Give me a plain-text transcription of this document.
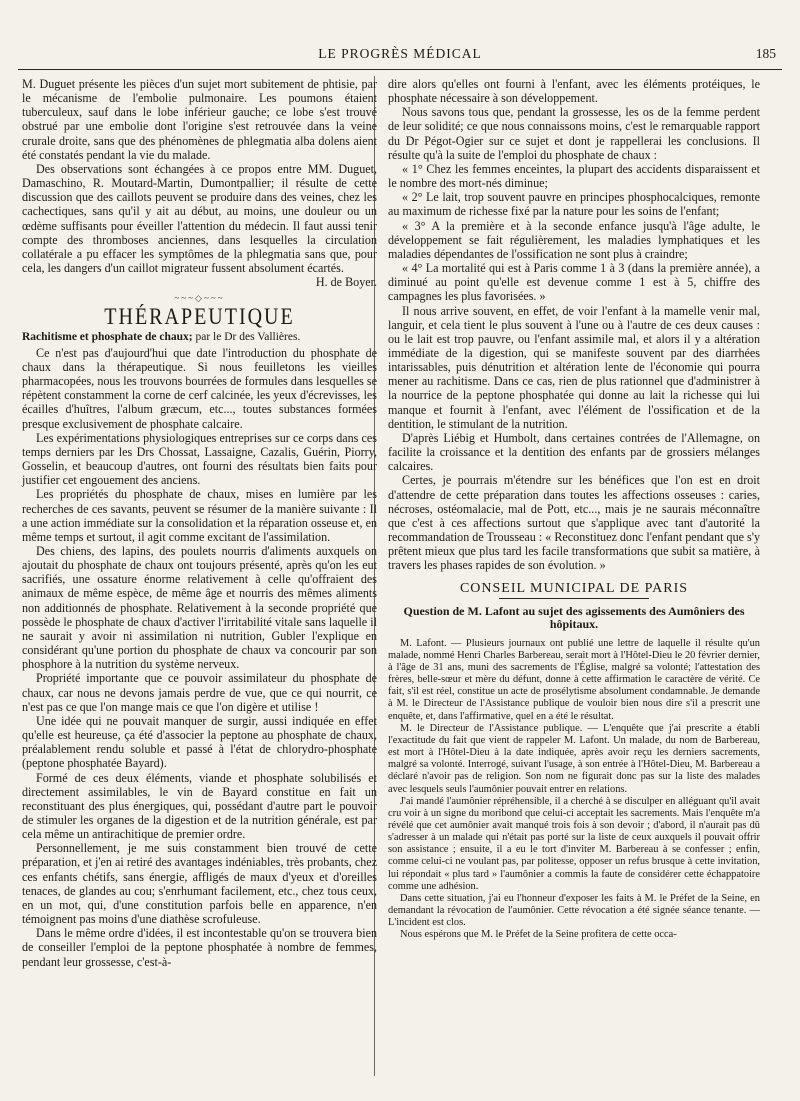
LE PROGRÈS MÉDICAL	185

M. Duguet présente les pièces d'un sujet mort subitement de phtisie, par le mécanisme de l'embolie pulmonaire. Les poumons étaient tuberculeux, sauf dans le lobe inférieur gauche; ce lobe s'est trouvé obstrué par une embolie dont l'origine s'est retrouvée dans la veine crurale droite, sans que des phénomènes de phlegmatia alba dolens aient été constatés pendant la vie du malade.

Des observations sont échangées à ce propos entre MM. Duguet, Damaschino, R. Moutard-Martin, Dumontpallier; il résulte de cette discussion que des caillots peuvent se produire dans des veines, chez les cachectiques, sans qu'il y ait au début, au moins, une douleur ou un œdème suffisants pour éveiller l'attention du médecin. Il faut aussi tenir compte des thromboses anciennes, dans lesquelles la circulation collatérale a pu effacer les symptômes de la phlegmatia sans que, pour cela, les dangers d'un caillot migrateur fussent absolument écartés.

H. de Boyer.

~~~◇~~~
THÉRAPEUTIQUE

Rachitisme et phosphate de chaux; par le Dr des Vallières.

Ce n'est pas d'aujourd'hui que date l'introduction du phosphate de chaux dans la thérapeutique. Si nous feuilletons les vieilles pharmacopées, nous les trouvons bourrées de formules dans lesquelles se répètent constamment la corne de cerf calcinée, les yeux d'écrevisses, les écailles d'huîtres, l'album græcum, etc..., toutes substances formées presque exclusivement de phosphate calcaire.

Les expérimentations physiologiques entreprises sur ce corps dans ces temps derniers par les Drs Chossat, Lassaigne, Cazalis, Guérin, Piorry, Gosselin, et beaucoup d'autres, ont fourni des résultats bien faits pour justifier cet engouement des anciens.

Les propriétés du phosphate de chaux, mises en lumière par les recherches de ces savants, peuvent se résumer de la manière suivante : Il a une action immédiate sur la consolidation et la réparation osseuse et, en même temps et surtout, il agit comme excitant de l'assimilation.

Des chiens, des lapins, des poulets nourris d'aliments auxquels on ajoutait du phosphate de chaux ont toujours présenté, après qu'on les eut sacrifiés, une ossature énorme relativement à celle qu'offraient des animaux de même espèce, de même âge et nourris des mêmes aliments non additionnés de phosphate. Relativement à la seconde propriété que possède le phosphate de chaux d'activer l'irritabilité vitale sans laquelle il ne saurait y avoir ni assimilation ni nutrition, Gubler l'explique en considérant qu'une portion du phosphate de chaux va concourir par son phosphore à la nutrition du système nerveux.

Propriété importante que ce pouvoir assimilateur du phosphate de chaux, car nous ne devons jamais perdre de vue, que ce qui nourrit, ce n'est pas ce que l'on mange mais ce que l'on digère et utilise !

Une idée qui ne pouvait manquer de surgir, aussi indiquée en effet qu'elle est heureuse, ça été d'associer la peptone au phosphate de chaux, préalablement rendu soluble et passé à l'état de chlorydro-phosphate (peptone phosphatée Bayard).

Formé de ces deux éléments, viande et phosphate solubilisés et directement assimilables, le vin de Bayard constitue en fait un reconstituant des plus énergiques, qui, possédant d'autre part le pouvoir de stimuler les organes de la digestion et de la nutrition générale, est par cela même un antirachitique de premier ordre.

Personnellement, je me suis constamment bien trouvé de cette préparation, et j'en ai retiré des avantages indéniables, très probants, chez ces enfants chétifs, sans énergie, affligés de maux d'yeux et d'oreilles tenaces, de glandes au cou; s'enrhumant facilement, etc., chez tous ceux, en un mot, qui, d'une constitution parfois belle en apparence, n'en témoignent pas moins d'une diathèse scrofuleuse.

Dans le même ordre d'idées, il est incontestable qu'on se trouvera bien de conseiller l'emploi de la peptone phosphatée à nombre de femmes, pendant leur grossesse, c'est-à-

dire alors qu'elles ont fourni à l'enfant, avec les éléments protéiques, le phosphate nécessaire à son développement.

Nous savons tous que, pendant la grossesse, les os de la femme perdent de leur solidité; ce que nous connaissons moins, c'est le remarquable rapport du Dr Pégot-Ogier sur ce sujet et dont je rappellerai les conclusions. Il résulte qu'à la suite de l'emploi du phosphate de chaux :

« 1° Chez les femmes enceintes, la plupart des accidents disparaissent et le nombre des mort-nés diminue;

« 2° Le lait, trop souvent pauvre en principes phosphocalciques, remonte au maximum de richesse fixé par la nature pour les soins de l'enfant;

« 3° A la première et à la seconde enfance jusqu'à l'âge adulte, le développement se fait régulièrement, les maladies lymphatiques et les maladies dépendantes de l'ossification ne sont plus à craindre;

« 4° La mortalité qui est à Paris comme 1 à 3 (dans la première année), a diminué au point qu'elle est devenue comme 1 est à 5, chiffre des campagnes les plus favorisées. »

Il nous arrive souvent, en effet, de voir l'enfant à la mamelle venir mal, languir, et cela tient le plus souvent à l'une ou à l'autre de ces deux causes : ou le lait est trop pauvre, ou l'enfant assimile mal, et alors il y a altération immédiate de la digestion, qui se manifeste souvent par des diarrhées intarissables, puis dénutrition et altération lente de l'économie qui pourra mener au rachitisme. Dans ce cas, rien de plus rationnel que d'administrer à la nourrice de la peptone phosphatée qui donne au lait la richesse qui lui manque et fournit à l'enfant, avec l'élément de l'ossification et de la dentition, le stimulant de la nutrition.

D'après Liébig et Humbolt, dans certaines contrées de l'Allemagne, on facilite la croissance et la dentition des enfants par de grossiers mélanges calcaires.

Certes, je pourrais m'étendre sur les bénéfices que l'on est en droit d'attendre de cette préparation dans toutes les affections osseuses : caries, nécroses, ostéomalacie, mal de Pott, etc..., mais je ne saurais méconnaître que c'est à ces affections surtout que s'applique avec tant d'autorité la recommandation de Trousseau : « Reconstituez donc l'enfant pendant que s'y prêtent mieux que plus tard les facile transformations que subit sa matière, à travers les phases rapides de son évolution. »

CONSEIL MUNICIPAL DE PARIS
Question de M. Lafont au sujet des agissements des Aumôniers des hôpitaux.

M. Lafont. — Plusieurs journaux ont publié une lettre de laquelle il résulte qu'un malade, nommé Henri Charles Barbereau, serait mort à l'Hôtel-Dieu le 20 février dernier, à l'âge de 31 ans, muni des sacrements de l'Église, malgré sa volonté; l'attestation des frères, belle-sœur et mère du défunt, donne à cette affirmation le caractère de vérité. Ce fait, s'il est réel, constitue un acte de prosélytisme absolument condamnable. Je demande à M. le Directeur de l'Assistance publique de vouloir bien nous dire s'il a prescrit une enquête, et, dans l'affirmative, quel en a été le résultat.

M. le Directeur de l'Assistance publique. — L'enquête que j'ai prescrite a établi l'exactitude du fait que vient de rappeler M. Lafont. Un malade, du nom de Barbereau, est mort à l'Hôtel-Dieu à la date indiquée, après avoir reçu les derniers sacrements, malgré sa volonté. Interrogé, suivant l'usage, à son entrée à l'Hôtel-Dieu, M. Barbereau a déclaré n'avoir pas de religion. Son nom ne figurait donc pas sur la liste des malades avec lesquels seuls l'aumônier pouvait entrer en relations.

J'ai mandé l'aumônier répréhensible, il a cherché à se disculper en alléguant qu'il avait cru voir à un signe du moribond que celui-ci acceptait les sacrements. Mais l'enquête m'a révélé que cet aumônier avait manqué trois fois à son devoir ; d'abord, il n'aurait pas dû s'adresser à un malade qui n'était pas porté sur la liste de ceux auxquels il pouvait offrir son assistance ; ensuite, il a eu le tort d'inviter M. Barbereau à se confesser ; enfin, comme celui-ci ne voulant pas, par politesse, opposer un refus brusque à cette invitation, lui répondait « plus tard » l'aumônier a commis la faute de considérer cette échappatoire comme une adhésion.

Dans cette situation, j'ai eu l'honneur d'exposer les faits à M. le Préfet de la Seine, en demandant la révocation de l'aumônier. Cette révocation a été signée séance tenante. — L'incident est clos.

Nous espérons que M. le Préfet de la Seine profitera de cette occa-
